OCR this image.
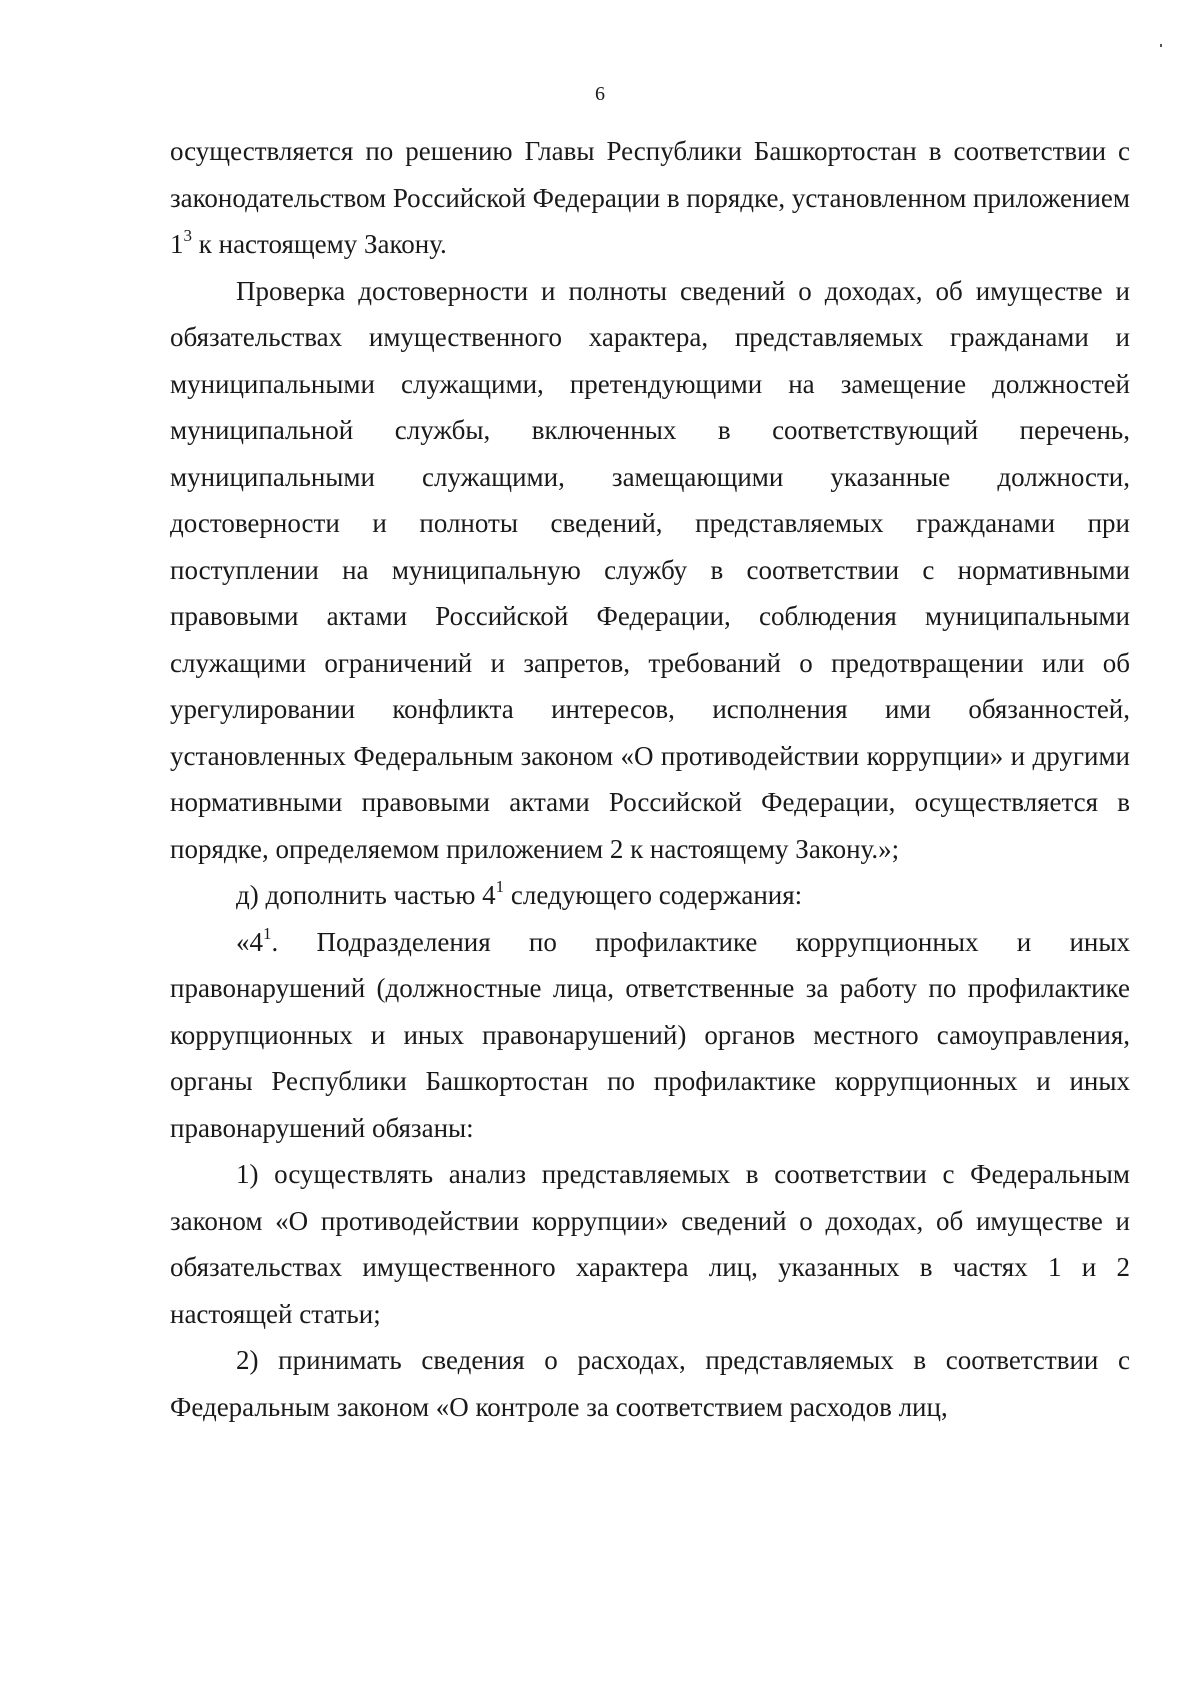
6

осуществляется по решению Главы Республики Башкортостан в соответствии с законодательством Российской Федерации в порядке, установленном приложением $1^3$ к настоящему Закону.

Проверка достоверности и полноты сведений о доходах, об имуществе и обязательствах имущественного характера, представляемых гражданами и муниципальными служащими, претендующими на замещение должностей муниципальной службы, включенных в соответствующий перечень, муниципальными служащими, замещающими указанные должности, достоверности и полноты сведений, представляемых гражданами при поступлении на муниципальную службу в соответствии с нормативными правовыми актами Российской Федерации, соблюдения муниципальными служащими ограничений и запретов, требований о предотвращении или об урегулировании конфликта интересов, исполнения ими обязанностей, установленных Федеральным законом «О противодействии коррупции» и другими нормативными правовыми актами Российской Федерации, осуществляется в порядке, определяемом приложением 2 к настоящему Закону.»;

д) дополнить частью $4^1$ следующего содержания:

«$4^1$. Подразделения по профилактике коррупционных и иных правонарушений (должностные лица, ответственные за работу по профилактике коррупционных и иных правонарушений) органов местного самоуправления, органы Республики Башкортостан по профилактике коррупционных и иных правонарушений обязаны:

1) осуществлять анализ представляемых в соответствии с Федеральным законом «О противодействии коррупции» сведений о доходах, об имуществе и обязательствах имущественного характера лиц, указанных в частях 1 и 2 настоящей статьи;

2) принимать сведения о расходах, представляемых в соответствии с Федеральным законом «О контроле за соответствием расходов лиц,
